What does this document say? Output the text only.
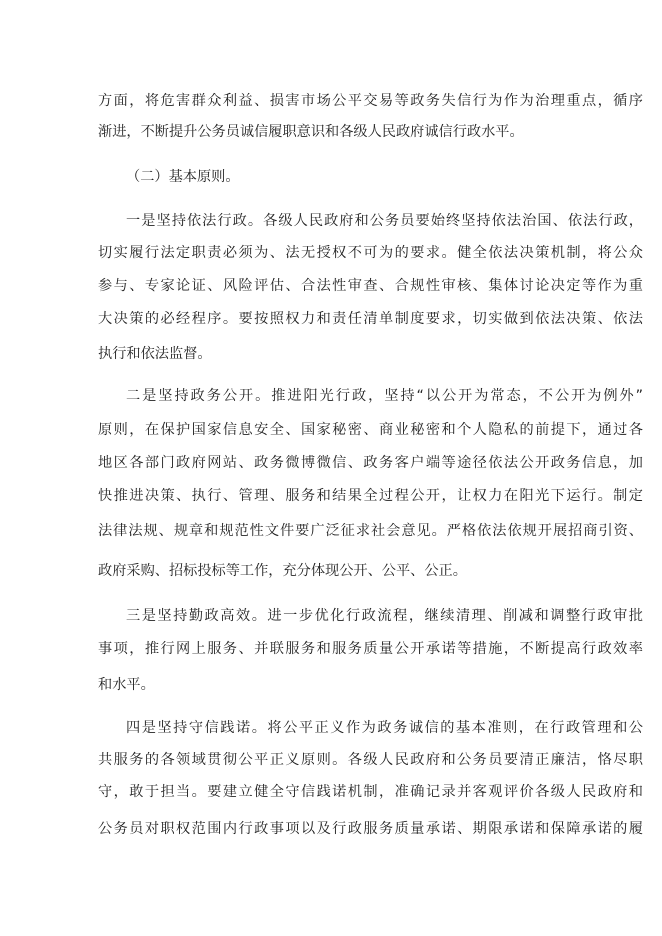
方面，将危害群众利益、损害市场公平交易等政务失信行为作为治理重点，循序
渐进，不断提升公务员诚信履职意识和各级人民政府诚信行政水平。
（二）基本原则。
一是坚持依法行政。各级人民政府和公务员要始终坚持依法治国、依法行政，
切实履行法定职责必须为、法无授权不可为的要求。健全依法决策机制，将公众
参与、专家论证、风险评估、合法性审查、合规性审核、集体讨论决定等作为重
大决策的必经程序。要按照权力和责任清单制度要求，切实做到依法决策、依法
执行和依法监督。
二是坚持政务公开。推进阳光行政，坚持“以公开为常态，不公开为例外”
原则，在保护国家信息安全、国家秘密、商业秘密和个人隐私的前提下，通过各
地区各部门政府网站、政务微博微信、政务客户端等途径依法公开政务信息，加
快推进决策、执行、管理、服务和结果全过程公开，让权力在阳光下运行。制定
法律法规、规章和规范性文件要广泛征求社会意见。严格依法依规开展招商引资、
政府采购、招标投标等工作，充分体现公开、公平、公正。
三是坚持勤政高效。进一步优化行政流程，继续清理、削减和调整行政审批
事项，推行网上服务、并联服务和服务质量公开承诺等措施，不断提高行政效率
和水平。
四是坚持守信践诺。将公平正义作为政务诚信的基本准则，在行政管理和公
共服务的各领域贯彻公平正义原则。各级人民政府和公务员要清正廉洁，恪尽职
守，敢于担当。要建立健全守信践诺机制，准确记录并客观评价各级人民政府和
公务员对职权范围内行政事项以及行政服务质量承诺、期限承诺和保障承诺的履
